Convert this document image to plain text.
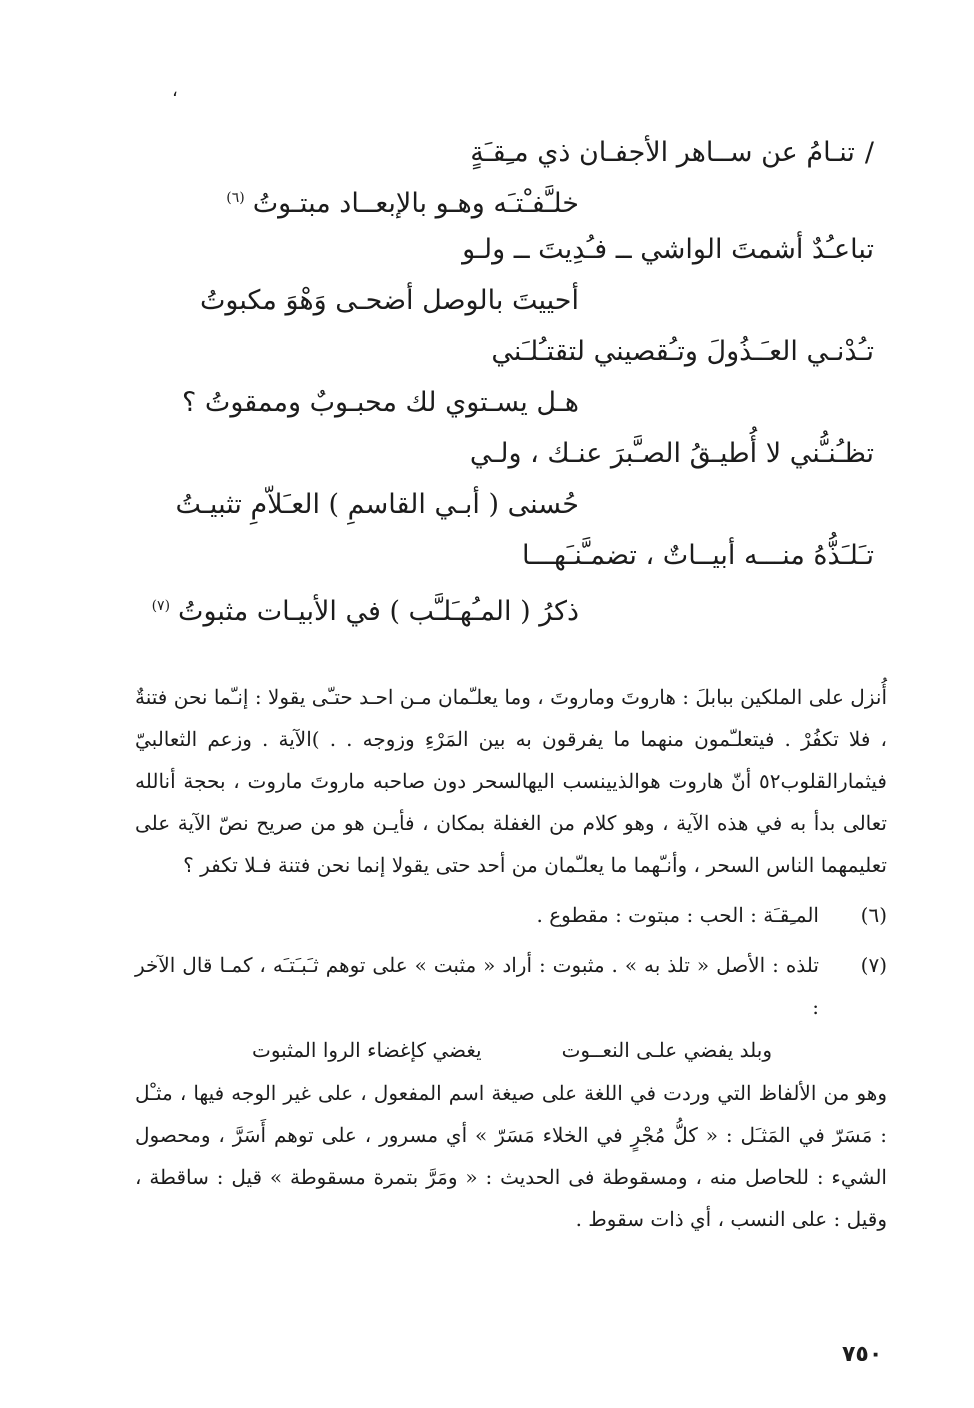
،
/تنـامُ عن ســاهر الأجفـان ذي مـِقـَةٍ
خلـَّفـْتـَه وهـو بالإبعــاد مبتـوتُ$^{(٦)}$
تباعـُدٌ أشمتَ الواشي ــ فـُدِيتَ ــ ولـو
أحييتَ بالوصل أضحـى وَهْوَ مكبوتُ
تـُدْنـي العـَـذُولَ وتـُقصيني لتقتـُلـَني
هـل يسـتوي لك محبـوبٌ وممقوتُ ؟
تظـُنـُّني لا أُطيـقُ الصـَّبرَ عنـك ، ولـي
حُسنى ( أبـي القاسمِ ) العـَلاّمِ تثبيـتُ
تـَلـَذُّهُ منـــه أبيــاتٌ ، تضمـَّنـَهـــا
ذكرُ ( المـُهـَلـَّب ) في الأبيـات مثبوتُ$^{(٧)}$
أُنزل على الملكين ببابلَ : هاروتَ وماروتَ ، وما يعلـّمان مـن احـد حتـّى يقولا : إنـّما نحن فتنةٌ ، فلا تكفُرْ . فيتعلـّمون منهما ما يفرقون به بين المَرْءِ وزوجه . . )الآية . وزعم الثعالبيّ فيثمارالقلوب٥٢ أنّ هاروت هوالذيينسب اليهالسحر دون صاحبه ماروتَ ماروت ، بحجة أنالله تعالى بدأ به في هذه الآية ، وهو كلام من الغفلة بمكان ، فأيـن هو من صريح نصّ الآية على تعليمهما الناس السحر ، وأنـّهما ما يعلـّمان من أحد حتى يقولا إنما نحن فتنة فـلا تكفر ؟
(٦)
المـِقـَة : الحب : مبتوت : مقطوع .
(٧)
تلذه : الأصل « تلذ به » . مثبوت : أراد « مثبت » على توهم ثـَبـَتـَه ، كمـا قال الآخر :
وبلد يفضي علـى النعــوت
يغضي كإغضاء الروا المثبوت
وهو من الألفاظ التي وردت في اللغة على صيغة اسم المفعول ، على غير الوجه فيها ، مثـْل : مَسَرّ في المَثـَل : « كلُّ مُجْرٍ في الخلاء مَسَرّ » أي مسرور ، على توهم أَسَرَّ ، ومحصول الشيء : للحاصل منه ، ومسقوطة فى الحديث : « ومَرَّ بتمرة مسقوطة » قيل : ساقطة ، وقيل : على النسب ، أي ذات سقوط .
٧٥٠
